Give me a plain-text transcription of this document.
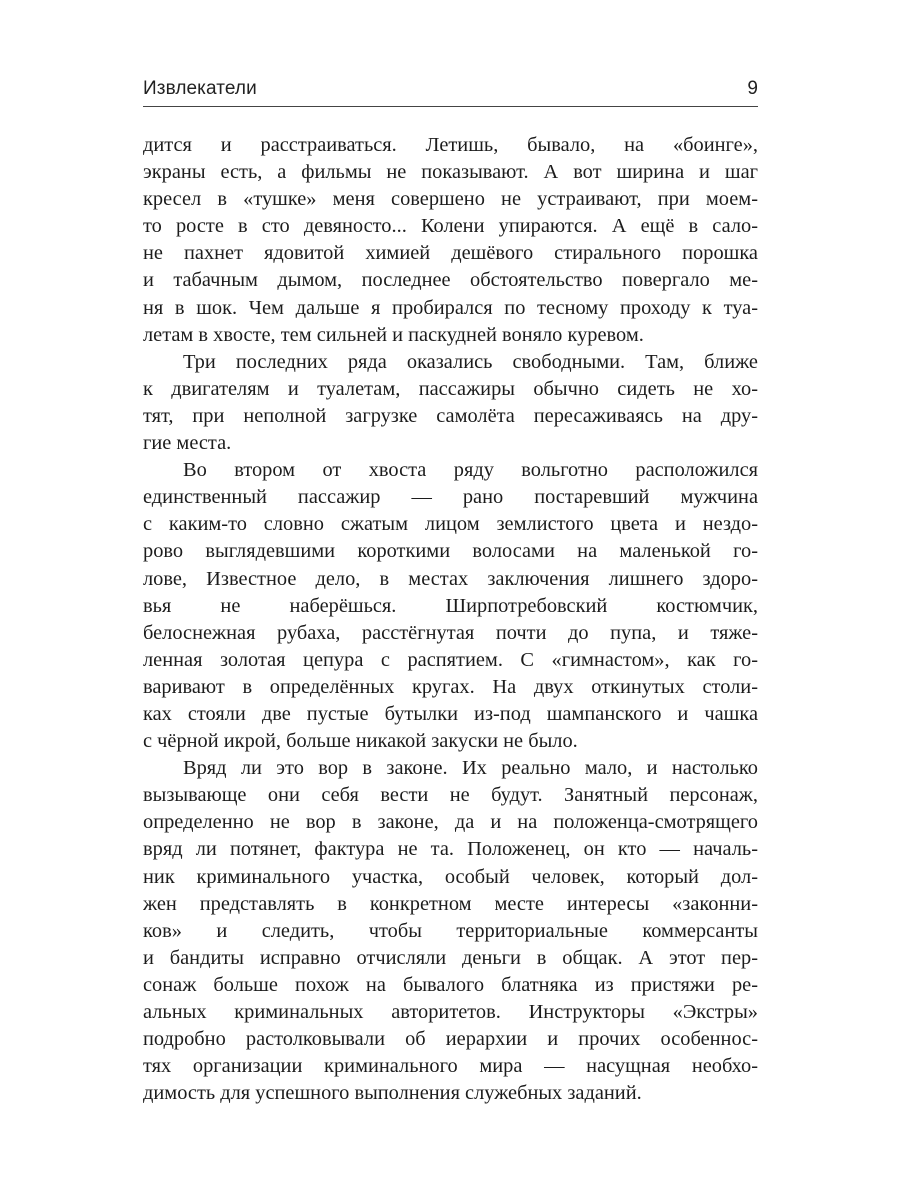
Извлекатели	9
дится и расстраиваться. Летишь, бывало, на «боинге»,
экраны есть, а фильмы не показывают. А вот ширина и шаг
кресел в «тушке» меня совершено не устраивают, при моем-
то росте в сто девяносто... Колени упираются. А ещё в сало-
не пахнет ядовитой химией дешёвого стирального порошка
и табачным дымом, последнее обстоятельство повергало ме-
ня в шок. Чем дальше я пробирался по тесному проходу к туа-
летам в хвосте, тем сильней и паскудней воняло куревом.
Три последних ряда оказались свободными. Там, ближе
к двигателям и туалетам, пассажиры обычно сидеть не хо-
тят, при неполной загрузке самолёта пересаживаясь на дру-
гие места.
Во втором от хвоста ряду вольготно расположился
единственный пассажир — рано постаревший мужчина
с каким-то словно сжатым лицом землистого цвета и нездо-
рово выглядевшими короткими волосами на маленькой го-
лове, Известное дело, в местах заключения лишнего здоро-
вья не наберёшься. Ширпотребовский костюмчик,
белоснежная рубаха, расстёгнутая почти до пупа, и тяже-
ленная золотая цепура с распятием. С «гимнастом», как го-
варивают в определённых кругах. На двух откинутых столи-
ках стояли две пустые бутылки из-под шампанского и чашка
с чёрной икрой, больше никакой закуски не было.
Вряд ли это вор в законе. Их реально мало, и настолько
вызывающе они себя вести не будут. Занятный персонаж,
определенно не вор в законе, да и на положенца-смотрящего
вряд ли потянет, фактура не та. Положенец, он кто — началь-
ник криминального участка, особый человек, который дол-
жен представлять в конкретном месте интересы «законни-
ков» и следить, чтобы территориальные коммерсанты
и бандиты исправно отчисляли деньги в общак. А этот пер-
сонаж больше похож на бывалого блатняка из пристяжи ре-
альных криминальных авторитетов. Инструкторы «Экстры»
подробно растолковывали об иерархии и прочих особеннос-
тях организации криминального мира — насущная необхо-
димость для успешного выполнения служебных заданий.
